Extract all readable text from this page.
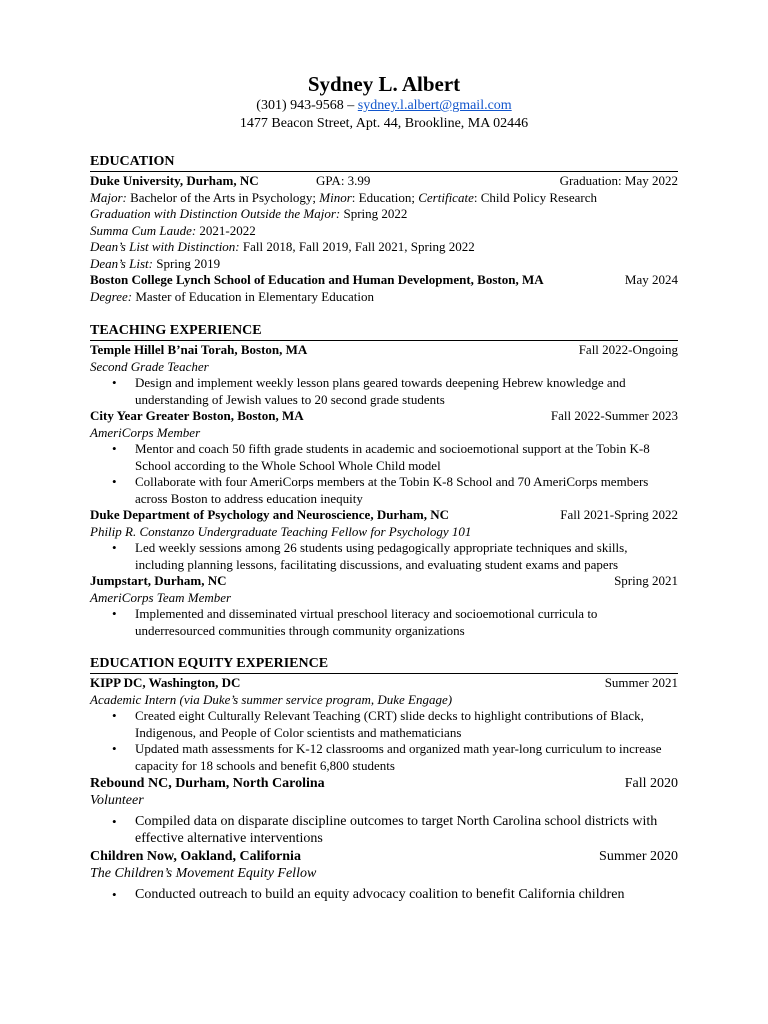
Sydney L. Albert
(301) 943-9568 – sydney.l.albert@gmail.com
1477 Beacon Street, Apt. 44, Brookline, MA 02446
EDUCATION
Duke University, Durham, NC	GPA: 3.99	Graduation: May 2022
Major: Bachelor of the Arts in Psychology; Minor: Education; Certificate: Child Policy Research
Graduation with Distinction Outside the Major: Spring 2022
Summa Cum Laude: 2021-2022
Dean’s List with Distinction: Fall 2018, Fall 2019, Fall 2021, Spring 2022
Dean’s List: Spring 2019
Boston College Lynch School of Education and Human Development, Boston, MA	May 2024
Degree: Master of Education in Elementary Education
TEACHING EXPERIENCE
Temple Hillel B’nai Torah, Boston, MA	Fall 2022-Ongoing
Second Grade Teacher
• Design and implement weekly lesson plans geared towards deepening Hebrew knowledge and understanding of Jewish values to 20 second grade students
City Year Greater Boston, Boston, MA	Fall 2022-Summer 2023
AmeriCorps Member
• Mentor and coach 50 fifth grade students in academic and socioemotional support at the Tobin K-8 School according to the Whole School Whole Child model
• Collaborate with four AmeriCorps members at the Tobin K-8 School and 70 AmeriCorps members across Boston to address education inequity
Duke Department of Psychology and Neuroscience, Durham, NC	Fall 2021-Spring 2022
Philip R. Constanzo Undergraduate Teaching Fellow for Psychology 101
• Led weekly sessions among 26 students using pedagogically appropriate techniques and skills, including planning lessons, facilitating discussions, and evaluating student exams and papers
Jumpstart, Durham, NC	Spring 2021
AmeriCorps Team Member
• Implemented and disseminated virtual preschool literacy and socioemotional curricula to underresourced communities through community organizations
EDUCATION EQUITY EXPERIENCE
KIPP DC, Washington, DC	Summer 2021
Academic Intern (via Duke’s summer service program, Duke Engage)
• Created eight Culturally Relevant Teaching (CRT) slide decks to highlight contributions of Black, Indigenous, and People of Color scientists and mathematicians
• Updated math assessments for K-12 classrooms and organized math year-long curriculum to increase capacity for 18 schools and benefit 6,800 students
Rebound NC, Durham, North Carolina	Fall 2020
Volunteer
• Compiled data on disparate discipline outcomes to target North Carolina school districts with effective alternative interventions
Children Now, Oakland, California	Summer 2020
The Children’s Movement Equity Fellow
• Conducted outreach to build an equity advocacy coalition to benefit California children
